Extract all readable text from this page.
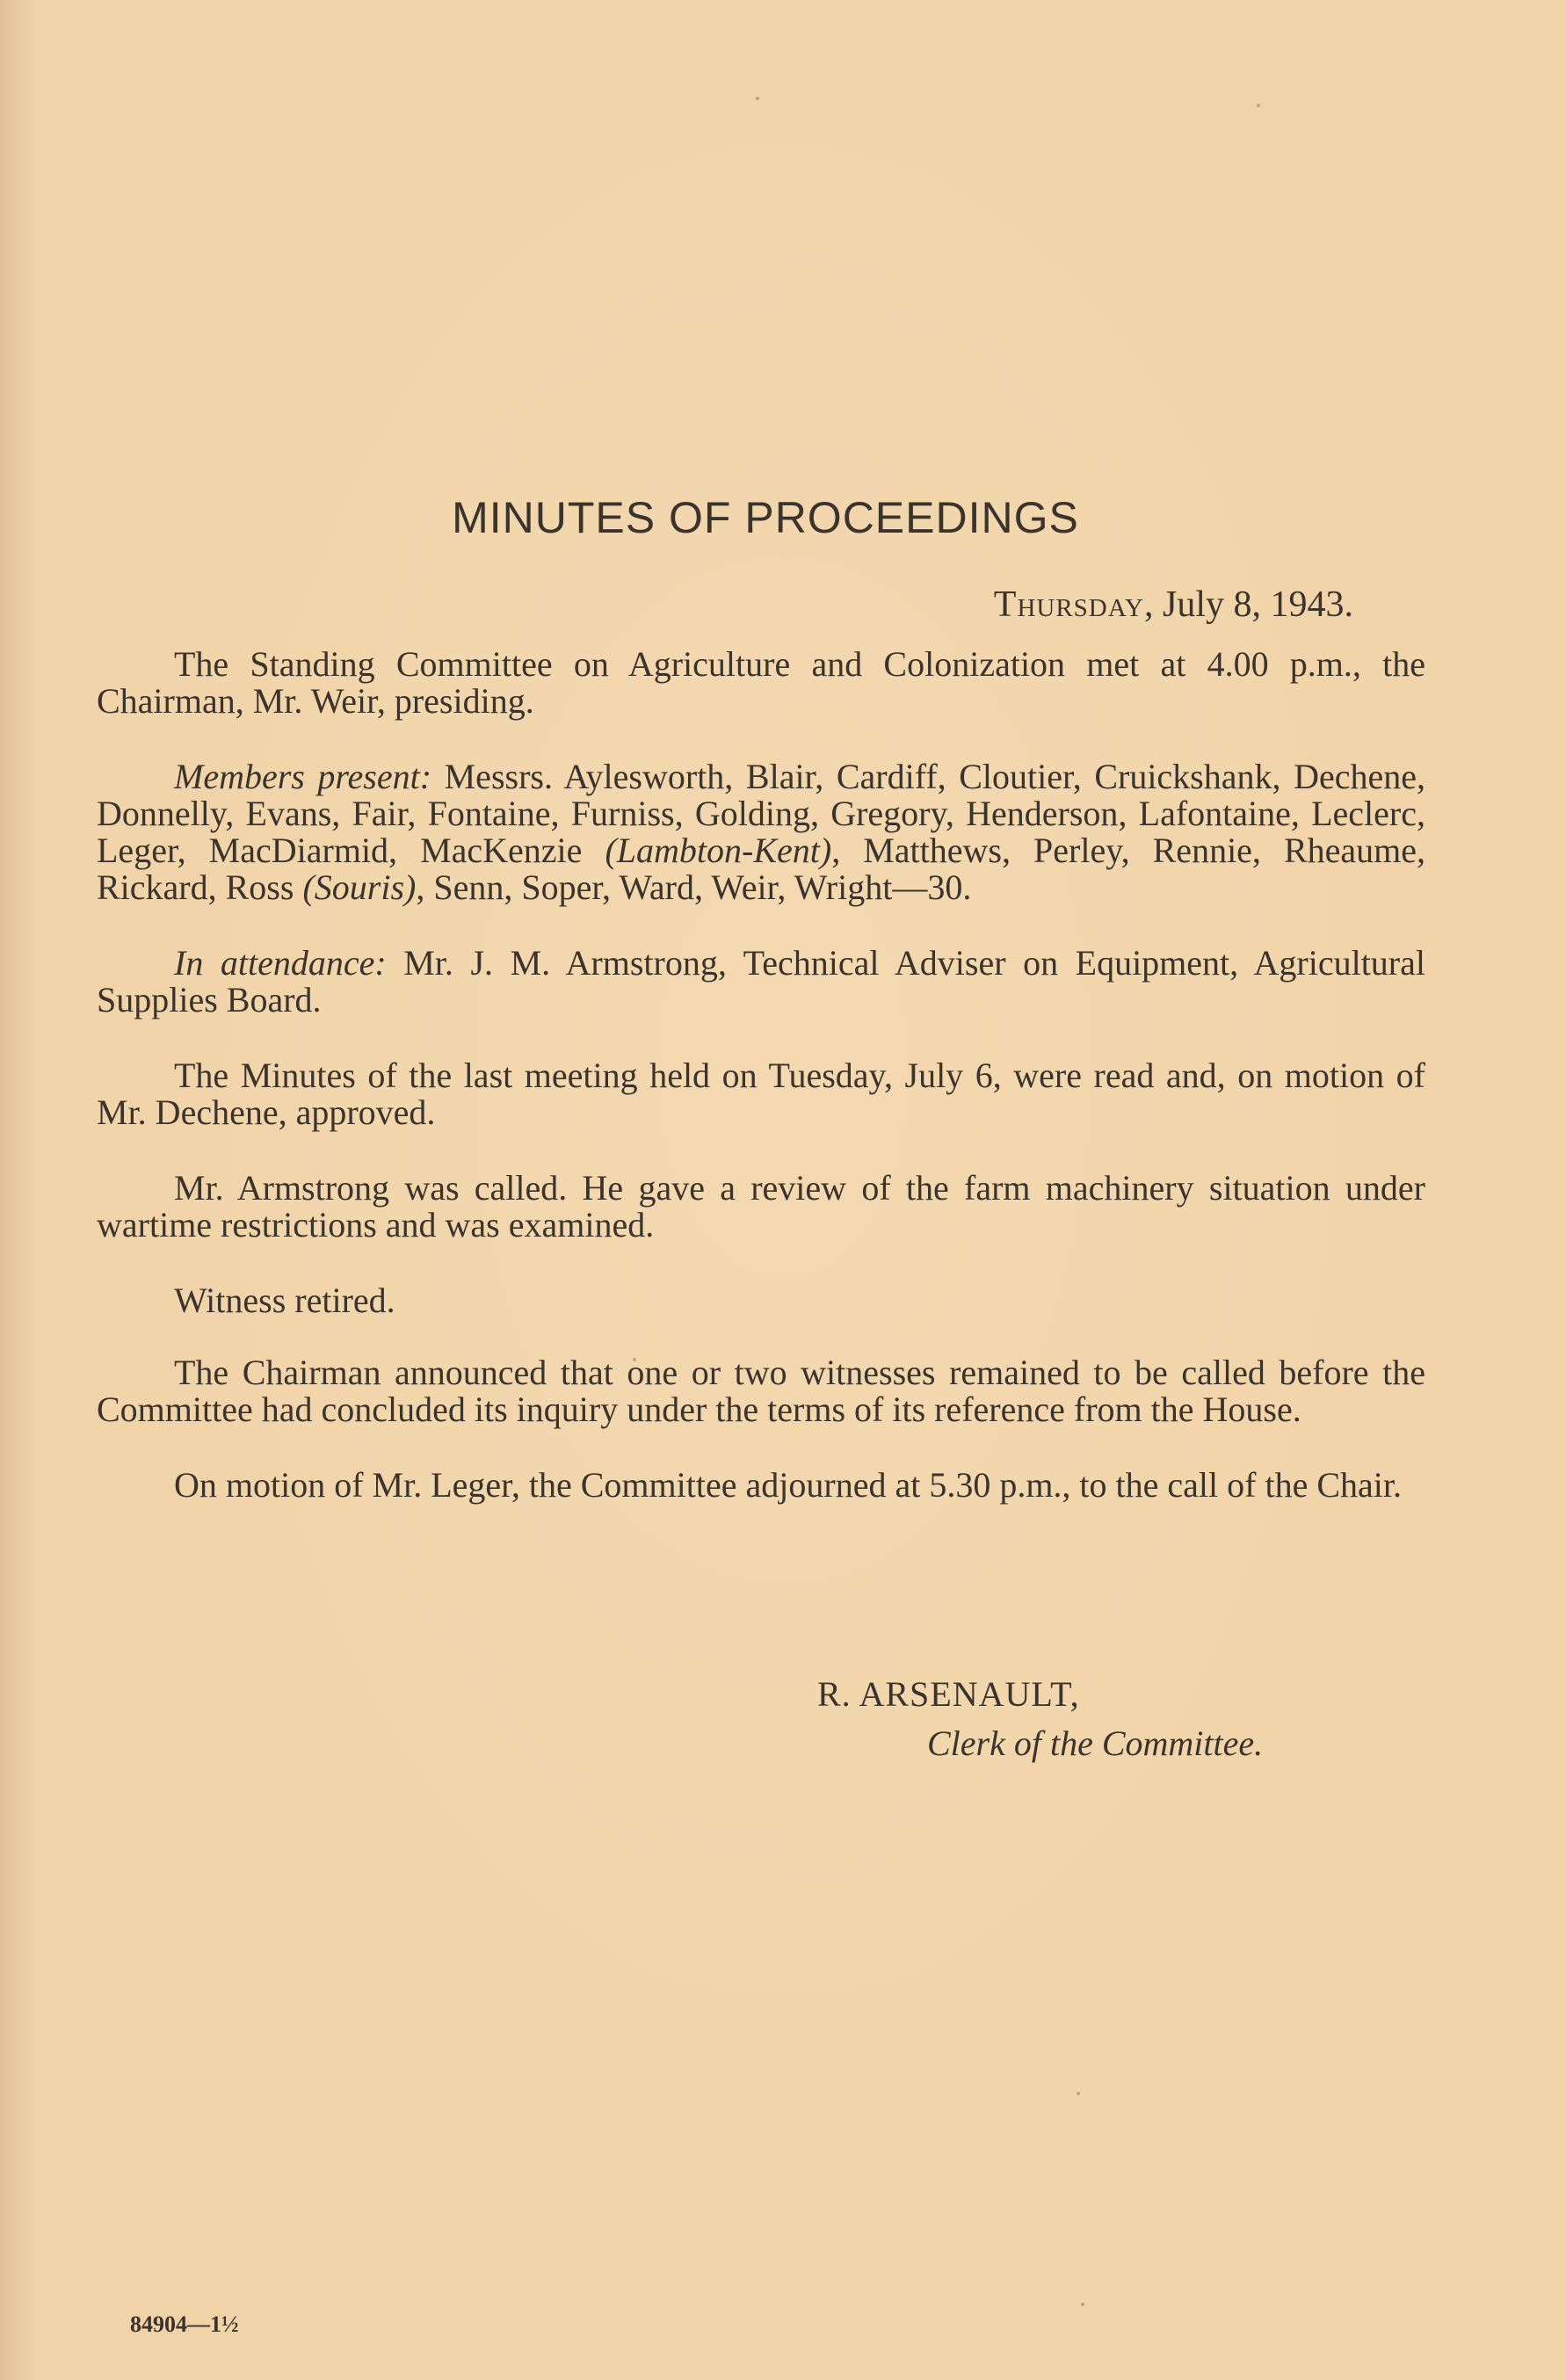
MINUTES OF PROCEEDINGS
Thursday, July 8, 1943.

The Standing Committee on Agriculture and Colonization met at 4.00 p.m., the Chairman, Mr. Weir, presiding.

Members present: Messrs. Aylesworth, Blair, Cardiff, Cloutier, Cruickshank, Dechene, Donnelly, Evans, Fair, Fontaine, Furniss, Golding, Gregory, Henderson, Lafontaine, Leclerc, Leger, MacDiarmid, MacKenzie (Lambton-Kent), Matthews, Perley, Rennie, Rheaume, Rickard, Ross (Souris), Senn, Soper, Ward, Weir, Wright—30.

In attendance: Mr. J. M. Armstrong, Technical Adviser on Equipment, Agricultural Supplies Board.

The Minutes of the last meeting held on Tuesday, July 6, were read and, on motion of Mr. Dechene, approved.

Mr. Armstrong was called. He gave a review of the farm machinery situation under wartime restrictions and was examined.

Witness retired.

The Chairman announced that one or two witnesses remained to be called before the Committee had concluded its inquiry under the terms of its reference from the House.

On motion of Mr. Leger, the Committee adjourned at 5.30 p.m., to the call of the Chair.

R. ARSENAULT,
Clerk of the Committee.
84904—1½
